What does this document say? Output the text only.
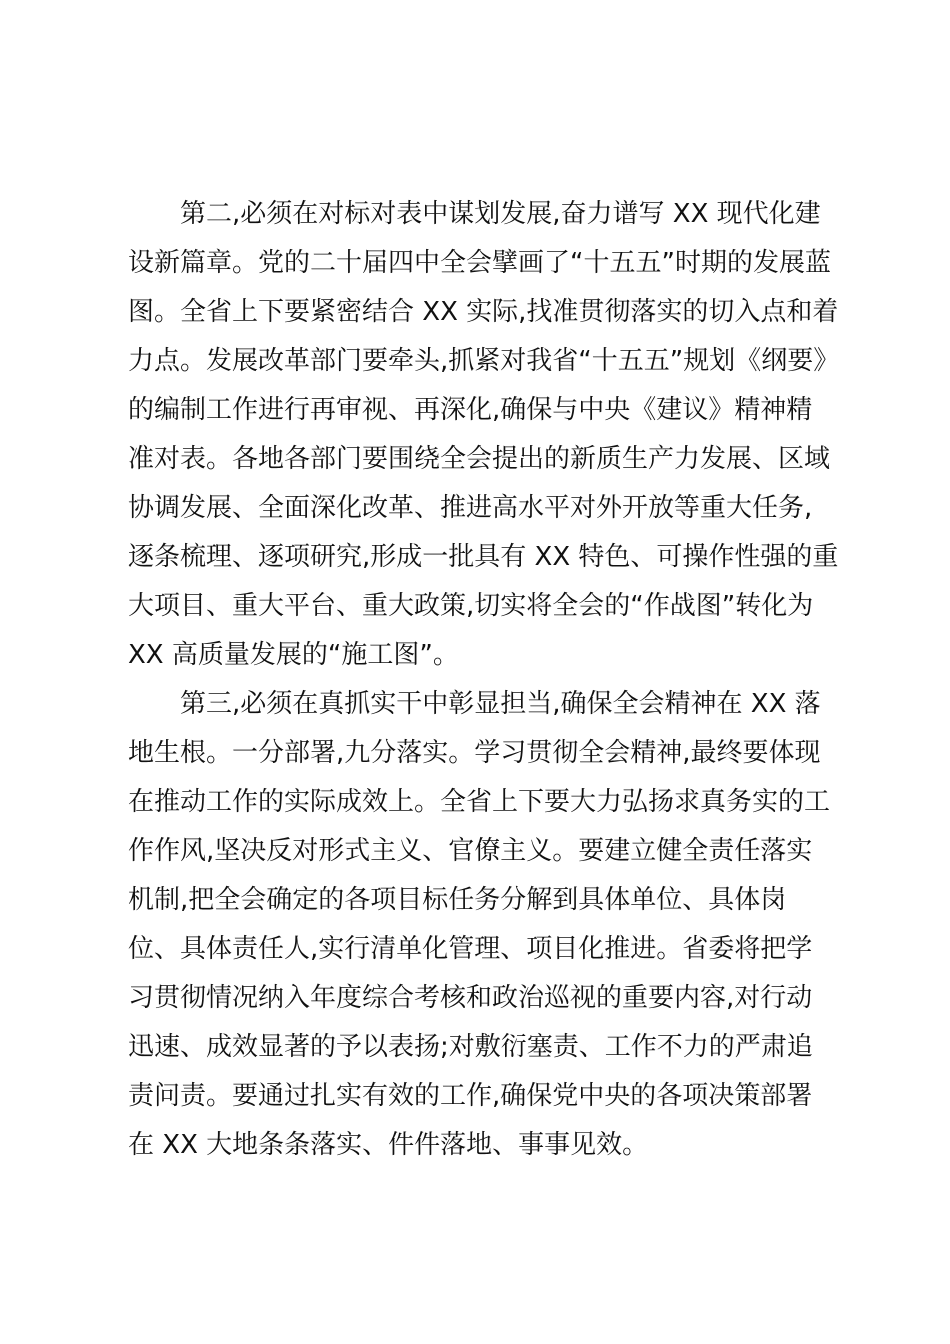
第二,必须在对标对表中谋划发展,奋力谱写 XX 现代化建
设新篇章。党的二十届四中全会擘画了“十五五”时期的发展蓝
图。全省上下要紧密结合 XX 实际,找准贯彻落实的切入点和着
力点。发展改革部门要牵头,抓紧对我省“十五五”规划《纲要》
的编制工作进行再审视、再深化,确保与中央《建议》精神精
准对表。各地各部门要围绕全会提出的新质生产力发展、区域
协调发展、全面深化改革、推进高水平对外开放等重大任务,
逐条梳理、逐项研究,形成一批具有 XX 特色、可操作性强的重
大项目、重大平台、重大政策,切实将全会的“作战图”转化为
XX 高质量发展的“施工图”。
第三,必须在真抓实干中彰显担当,确保全会精神在 XX 落
地生根。一分部署,九分落实。学习贯彻全会精神,最终要体现
在推动工作的实际成效上。全省上下要大力弘扬求真务实的工
作作风,坚决反对形式主义、官僚主义。要建立健全责任落实
机制,把全会确定的各项目标任务分解到具体单位、具体岗
位、具体责任人,实行清单化管理、项目化推进。省委将把学
习贯彻情况纳入年度综合考核和政治巡视的重要内容,对行动
迅速、成效显著的予以表扬;对敷衍塞责、工作不力的严肃追
责问责。要通过扎实有效的工作,确保党中央的各项决策部署
在 XX 大地条条落实、件件落地、事事见效。
